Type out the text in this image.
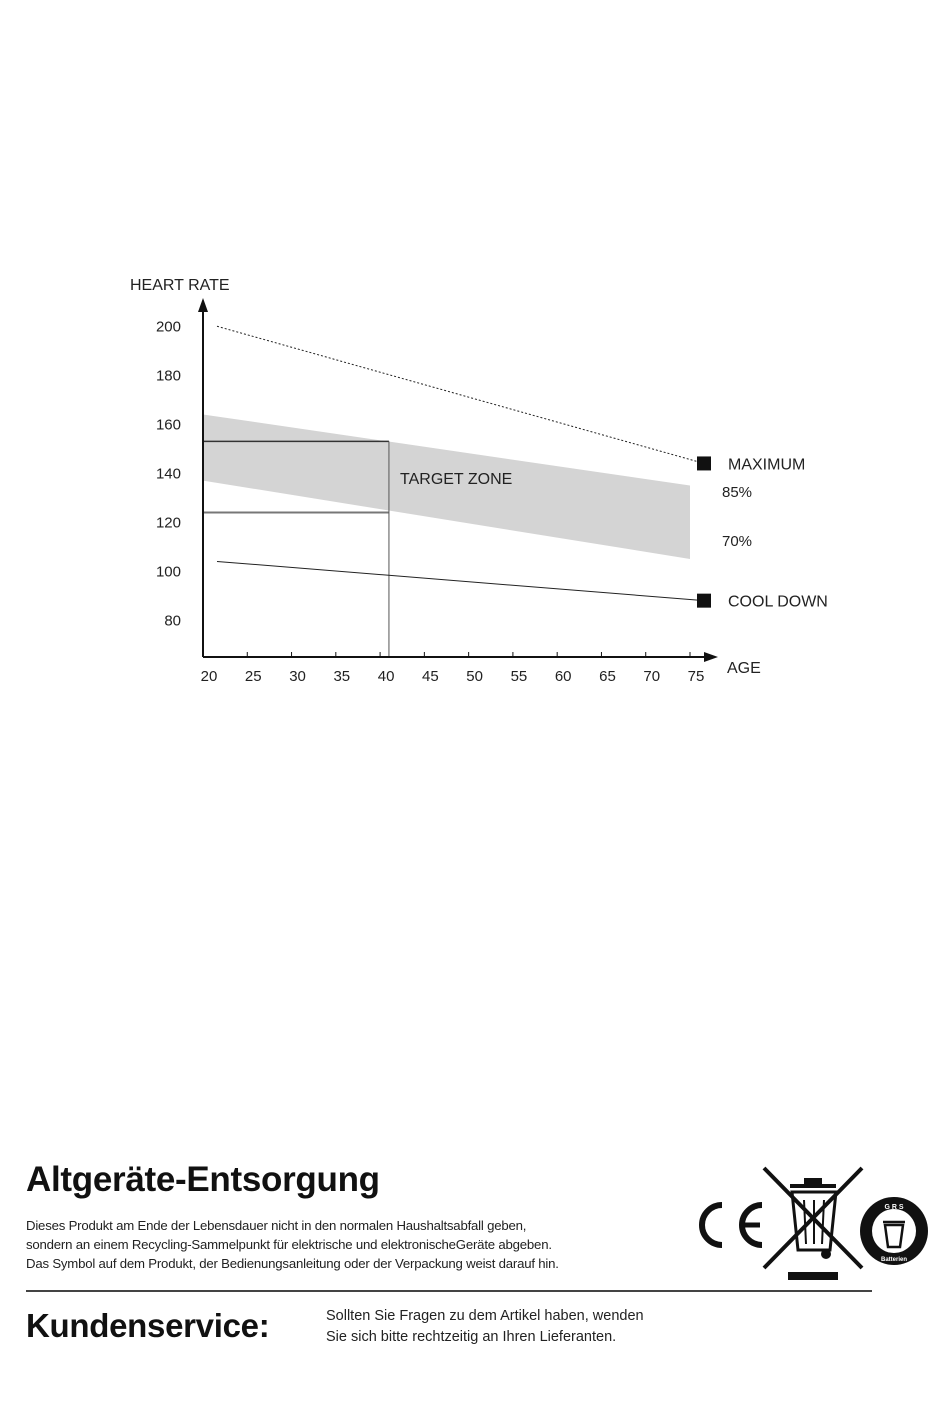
MAXIMUM
COOL DOWN
20 25 30 35 40 45 50 55 60 65 70 75
200
180
160
140
120
100
80
HEART RATE
AGE
TARGET ZONE
85%
70%
Altgeräte-Entsorgung
Dieses Produkt am Ende der Lebensdauer nicht in den normalen Haushaltsabfall geben,
sondern an einem Recycling-Sammelpunkt für elektrische und elektronischeGeräte abgeben.
Das Symbol auf dem Produkt, der Bedienungsanleitung oder der Verpackung weist darauf hin.
G R S
Batterien
Kundenservice:	Sollten Sie Fragen zu dem Artikel haben, wenden
Sie sich bitte rechtzeitig an Ihren Lieferanten.
